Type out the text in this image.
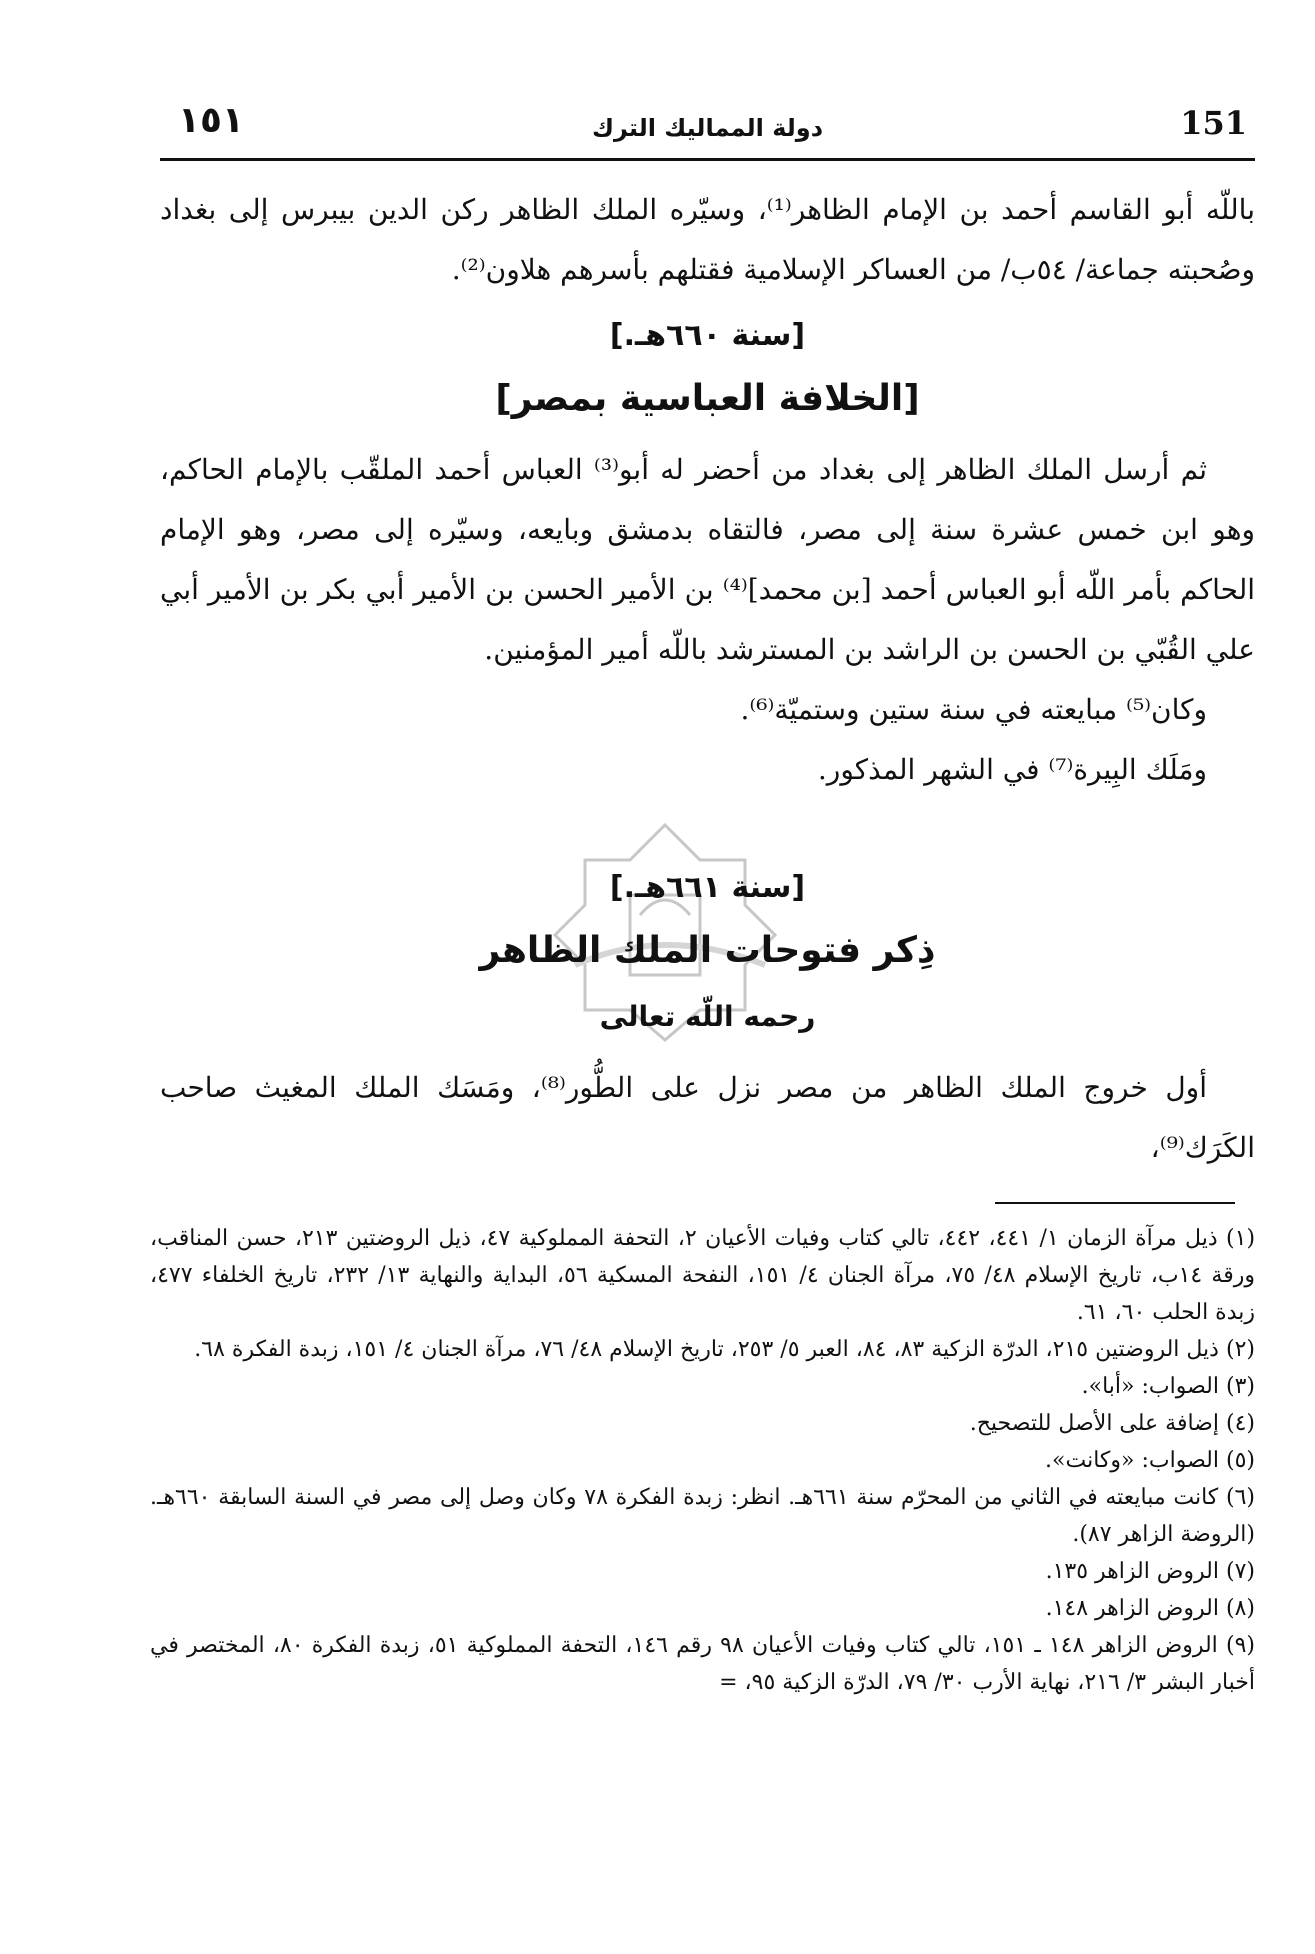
١٥١	دولة المماليك الترك	151

باللّه أبو القاسم أحمد بن الإمام الظاهر⁽¹⁾، وسيّره الملك الظاهر ركن الدين بيبرس إلى بغداد وصُحبته جماعة/ ٥٤ب/ من العساكر الإسلامية فقتلهم بأسرهم هلاون⁽²⁾.

[سنة ٦٦٠هـ.]
[الخلافة العباسية بمصر]

ثم أرسل الملك الظاهر إلى بغداد من أحضر له أبو⁽³⁾ العباس أحمد الملقّب بالإمام الحاكم، وهو ابن خمس عشرة سنة إلى مصر، فالتقاه بدمشق وبايعه، وسيّره إلى مصر، وهو الإمام الحاكم بأمر اللّه أبو العباس أحمد [بن محمد]⁽⁴⁾ بن الأمير الحسن بن الأمير أبي بكر بن الأمير أبي علي القُبّي بن الحسن بن الراشد بن المسترشد باللّه أمير المؤمنين.

وكان⁽⁵⁾ مبايعته في سنة ستين وستميّة⁽⁶⁾.

ومَلَك البِيرة⁽⁷⁾ في الشهر المذكور.

[سنة ٦٦١هـ.]
ذِكر فتوحات الملك الظاهر
رحمه اللّه تعالى

أول خروج الملك الظاهر من مصر نزل على الطُّور⁽⁸⁾، ومَسَك الملك المغيث صاحب الكَرَك⁽⁹⁾،

(١) ذيل مرآة الزمان ١/ ٤٤١، ٤٤٢، تالي كتاب وفيات الأعيان ٢، التحفة المملوكية ٤٧، ذيل الروضتين ٢١٣، حسن المناقب، ورقة ١٤ب، تاريخ الإسلام ٤٨/ ٧٥، مرآة الجنان ٤/ ١٥١، النفحة المسكية ٥٦، البداية والنهاية ١٣/ ٢٣٢، تاريخ الخلفاء ٤٧٧، زبدة الحلب ٦٠، ٦١.

(٢) ذيل الروضتين ٢١٥، الدرّة الزكية ٨٣، ٨٤، العبر ٥/ ٢٥٣، تاريخ الإسلام ٤٨/ ٧٦، مرآة الجنان ٤/ ١٥١، زبدة الفكرة ٦٨.

(٣) الصواب: «أبا».

(٤) إضافة على الأصل للتصحيح.

(٥) الصواب: «وكانت».

(٦) كانت مبايعته في الثاني من المحرّم سنة ٦٦١هـ. انظر: زبدة الفكرة ٧٨ وكان وصل إلى مصر في السنة السابقة ٦٦٠هـ. (الروضة الزاهر ٨٧).

(٧) الروض الزاهر ١٣٥.

(٨) الروض الزاهر ١٤٨.

(٩) الروض الزاهر ١٤٨ ـ ١٥١، تالي كتاب وفيات الأعيان ٩٨ رقم ١٤٦، التحفة المملوكية ٥١، زبدة الفكرة ٨٠، المختصر في أخبار البشر ٣/ ٢١٦، نهاية الأرب ٣٠/ ٧٩، الدرّة الزكية ٩٥، =
